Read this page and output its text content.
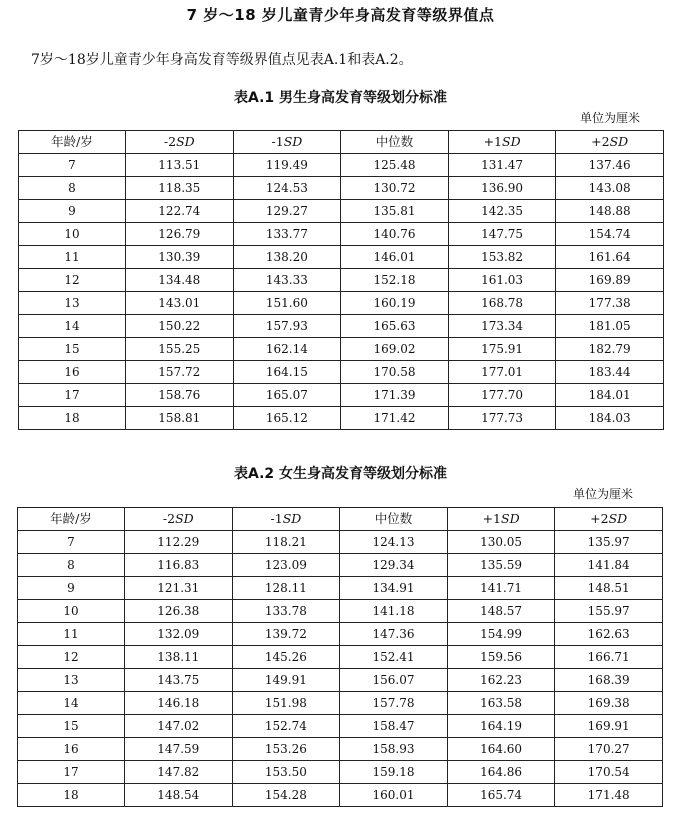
7 岁～18 岁儿童青少年身高发育等级界值点
7岁～18岁儿童青少年身高发育等级界值点见表A.1和表A.2。
表A.1 男生身高发育等级划分标准
单位为厘米
年龄/岁	-2SD	-1SD	中位数	+1SD	+2SD
7	113.51	119.49	125.48	131.47	137.46
8	118.35	124.53	130.72	136.90	143.08
9	122.74	129.27	135.81	142.35	148.88
10	126.79	133.77	140.76	147.75	154.74
11	130.39	138.20	146.01	153.82	161.64
12	134.48	143.33	152.18	161.03	169.89
13	143.01	151.60	160.19	168.78	177.38
14	150.22	157.93	165.63	173.34	181.05
15	155.25	162.14	169.02	175.91	182.79
16	157.72	164.15	170.58	177.01	183.44
17	158.76	165.07	171.39	177.70	184.01
18	158.81	165.12	171.42	177.73	184.03
表A.2 女生身高发育等级划分标准
单位为厘米
年龄/岁	-2SD	-1SD	中位数	+1SD	+2SD
7	112.29	118.21	124.13	130.05	135.97
8	116.83	123.09	129.34	135.59	141.84
9	121.31	128.11	134.91	141.71	148.51
10	126.38	133.78	141.18	148.57	155.97
11	132.09	139.72	147.36	154.99	162.63
12	138.11	145.26	152.41	159.56	166.71
13	143.75	149.91	156.07	162.23	168.39
14	146.18	151.98	157.78	163.58	169.38
15	147.02	152.74	158.47	164.19	169.91
16	147.59	153.26	158.93	164.60	170.27
17	147.82	153.50	159.18	164.86	170.54
18	148.54	154.28	160.01	165.74	171.48
